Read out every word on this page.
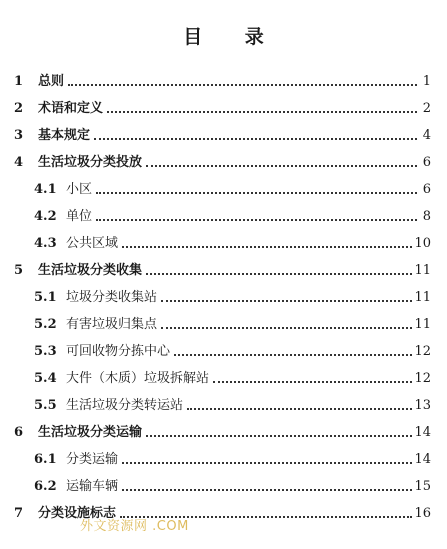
目 录
1	总则	1
2	术语和定义	2
3	基本规定	4
4	生活垃圾分类投放	6
4.1 小区	6
4.2 单位	8
4.3 公共区域	10
5	生活垃圾分类收集	11
5.1 垃圾分类收集站	11
5.2 有害垃圾归集点	11
5.3 可回收物分拣中心	12
5.4 大件（木质）垃圾拆解站	12
5.5 生活垃圾分类转运站	13
6	生活垃圾分类运输	14
6.1 分类运输	14
6.2 运输车辆	15
7	分类设施标志	16
外文资源网 .COM
